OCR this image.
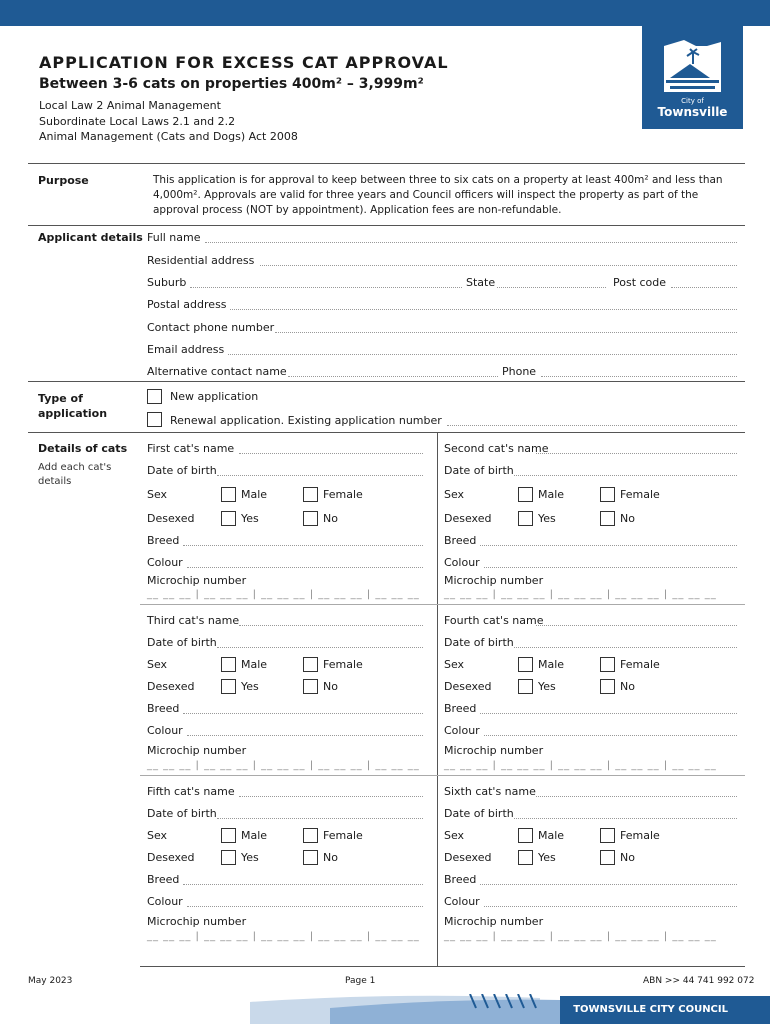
City of
Townsville
APPLICATION FOR EXCESS CAT APPROVAL
Between 3-6 cats on properties 400m² – 3,999m²
Local Law 2 Animal Management
Subordinate Local Laws 2.1 and 2.2
Animal Management (Cats and Dogs) Act 2008
Purpose	This application is for approval to keep between three to six cats on a property at least 400m² and less than 4,000m². Approvals are valid for three years and Council officers will inspect the property as part of the approval process (NOT by appointment). Application fees are non-refundable.
Applicant details Full name
Residential address
Suburb	State	Post code
Postal address
Contact phone number
Email address
Alternative contact name	Phone
Type of
application
New application
Renewal application. Existing application number
Details of cats
Add each cat's
details
First cat's name
Date of birth
Sex	Male	Female
Desexed	Yes	No
Breed
Colour
Microchip number
__ __ __ | __ __ __ | __ __ __ | __ __ __ | __ __ __
Second cat's name
Date of birth
Sex	Male	Female
Desexed	Yes	No
Breed
Colour
Microchip number
__ __ __ | __ __ __ | __ __ __ | __ __ __ | __ __ __
Third cat's name
Date of birth
Sex	Male	Female
Desexed	Yes	No
Breed
Colour
Microchip number
__ __ __ | __ __ __ | __ __ __ | __ __ __ | __ __ __
Fourth cat's name
Date of birth
Sex	Male	Female
Desexed	Yes	No
Breed
Colour
Microchip number
__ __ __ | __ __ __ | __ __ __ | __ __ __ | __ __ __
Fifth cat's name
Date of birth
Sex	Male	Female
Desexed	Yes	No
Breed
Colour
Microchip number
__ __ __ | __ __ __ | __ __ __ | __ __ __ | __ __ __
Sixth cat's name
Date of birth
Sex	Male	Female
Desexed	Yes	No
Breed
Colour
Microchip number
__ __ __ | __ __ __ | __ __ __ | __ __ __ | __ __ __
May 2023	Page 1	ABN >> 44 741 992 072
TOWNSVILLE CITY COUNCIL
